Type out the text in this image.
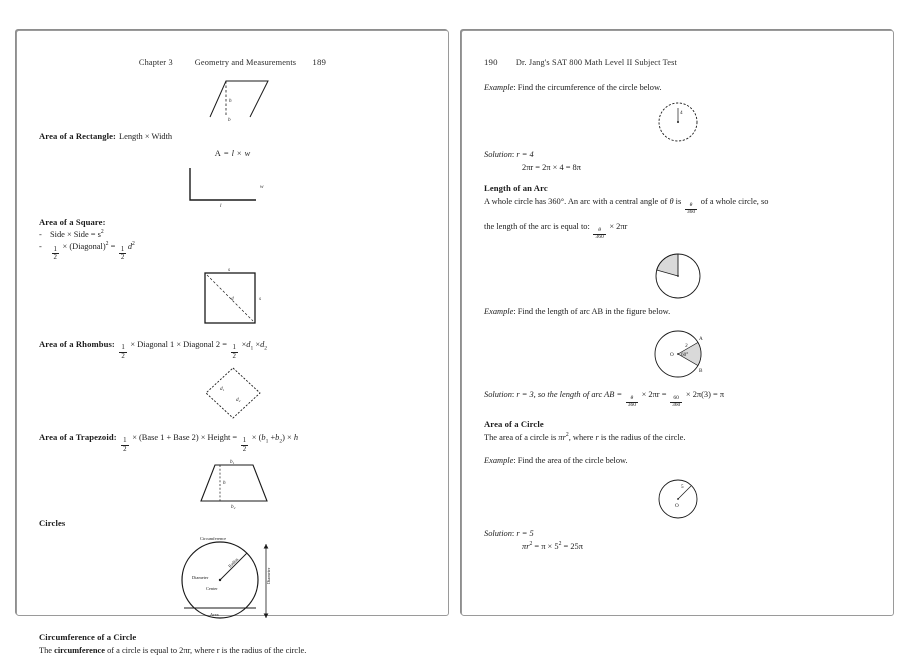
Chapter 3	Geometry and Measurements 189
h
b
Area of a Rectangle: Length × Width
A = l × w
w
l
Area of a Square:
- Side × Side = $s^2$
-
$\frac{1}{2}$
× (Diagonal)$^2$ =
$\frac{1}{2}$
$d^2$
s
s
d
Area of a Rhombus:
$\frac{1}{2}$
× Diagonal 1 × Diagonal 2 =
$\frac{1}{2}$
$\times d_1 \times d_2$
d₁
d₂
Area of a Trapezoid:
$\frac{1}{2}$
× (Base 1 + Base 2) × Height =
$\frac{1}{2}$
× $(b_1 +b_2) \times h$
b₁
h
b₂
Circles
Circumference
Radius
Diameter
Center
Area
Diameter
Circumference of a Circle
The circumference of a circle is equal to 2πr, where r is the radius of the circle.
190 Dr. Jang's SAT 800 Math Level II Subject Test
Example: Find the circumference of the circle below.
4
Solution: r = 4
2πr = 2π × 4 = 8π
Length of an Arc
A whole circle has 360°. An arc with a central angle of θ is
$\frac{\theta}{360}$
of a whole circle, so
the length of the arc is equal to:
$\frac{\theta}{360}$
× 2πr
Example: Find the length of arc AB in the figure below.
A
B
O 60°
3
Solution: r = 3, so the length of arc AB =
$\frac{\theta}{360}$
× 2πr =
$\frac{60}{360}$
× 2π(3) = π
Area of a Circle
The area of a circle is $\pi r^2$, where r is the radius of the circle.
Example: Find the area of the circle below.
5
O
Solution: r = 5
$\pi r^2 = \pi \times 5^2 = 25\pi$
